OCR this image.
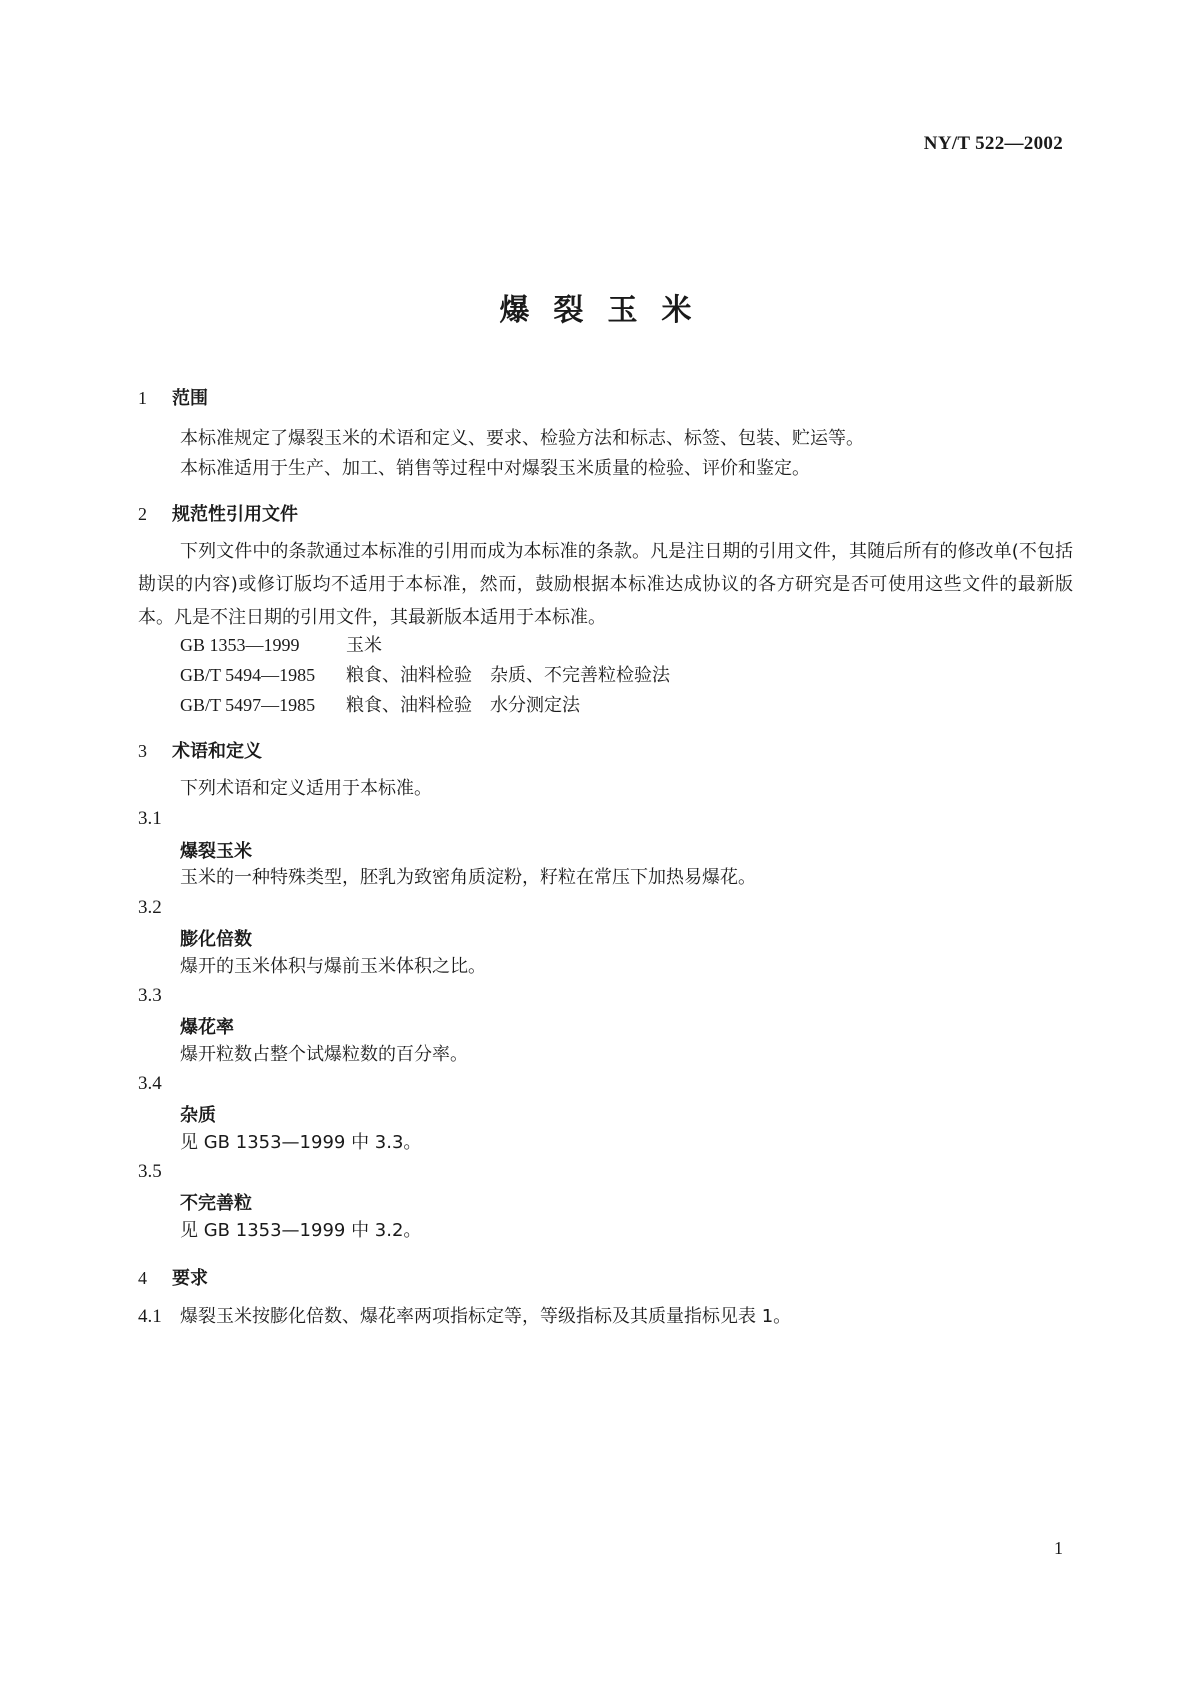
NY/T 522—2002
爆裂玉米
1 范围
本标准规定了爆裂玉米的术语和定义、要求、检验方法和标志、标签、包装、贮运等。
本标准适用于生产、加工、销售等过程中对爆裂玉米质量的检验、评价和鉴定。
2 规范性引用文件
下列文件中的条款通过本标准的引用而成为本标准的条款。凡是注日期的引用文件，其随后所有的修改单(不包括勘误的内容)或修订版均不适用于本标准，然而，鼓励根据本标准达成协议的各方研究是否可使用这些文件的最新版本。凡是不注日期的引用文件，其最新版本适用于本标准。
GB 1353—1999	玉米
GB/T 5494—1985 粮食、油料检验　杂质、不完善粒检验法
GB/T 5497—1985 粮食、油料检验　水分测定法
3 术语和定义
下列术语和定义适用于本标准。
3.1
爆裂玉米
玉米的一种特殊类型，胚乳为致密角质淀粉，籽粒在常压下加热易爆花。
3.2
膨化倍数
爆开的玉米体积与爆前玉米体积之比。
3.3
爆花率
爆开粒数占整个试爆粒数的百分率。
3.4
杂质
见 GB 1353—1999 中 3.3。
3.5
不完善粒
见 GB 1353—1999 中 3.2。
4 要求
4.1 爆裂玉米按膨化倍数、爆花率两项指标定等，等级指标及其质量指标见表 1。
1
